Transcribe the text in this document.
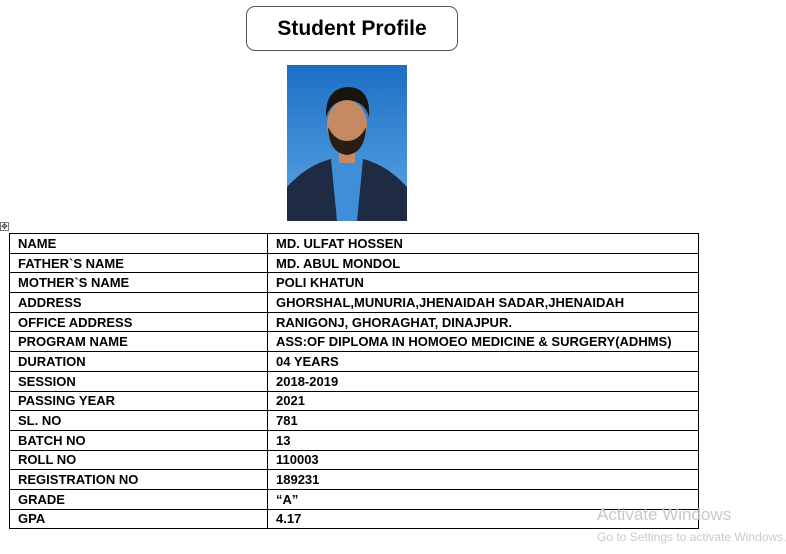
Student Profile
✥
NAME	MD. ULFAT HOSSEN
FATHER`S NAME	MD. ABUL MONDOL
MOTHER`S NAME	POLI KHATUN
ADDRESS	GHORSHAL,MUNURIA,JHENAIDAH SADAR,JHENAIDAH
OFFICE ADDRESS	RANIGONJ, GHORAGHAT, DINAJPUR.
PROGRAM NAME	ASS:OF DIPLOMA IN HOMOEO MEDICINE & SURGERY(ADHMS)
DURATION	04 YEARS
SESSION	2018-2019
PASSING YEAR	2021
SL. NO	781
BATCH NO	13
ROLL NO	110003
REGISTRATION NO	189231
GRADE	“A”
GPA	4.17	Activate Windows
Go to Settings to activate Windows.
